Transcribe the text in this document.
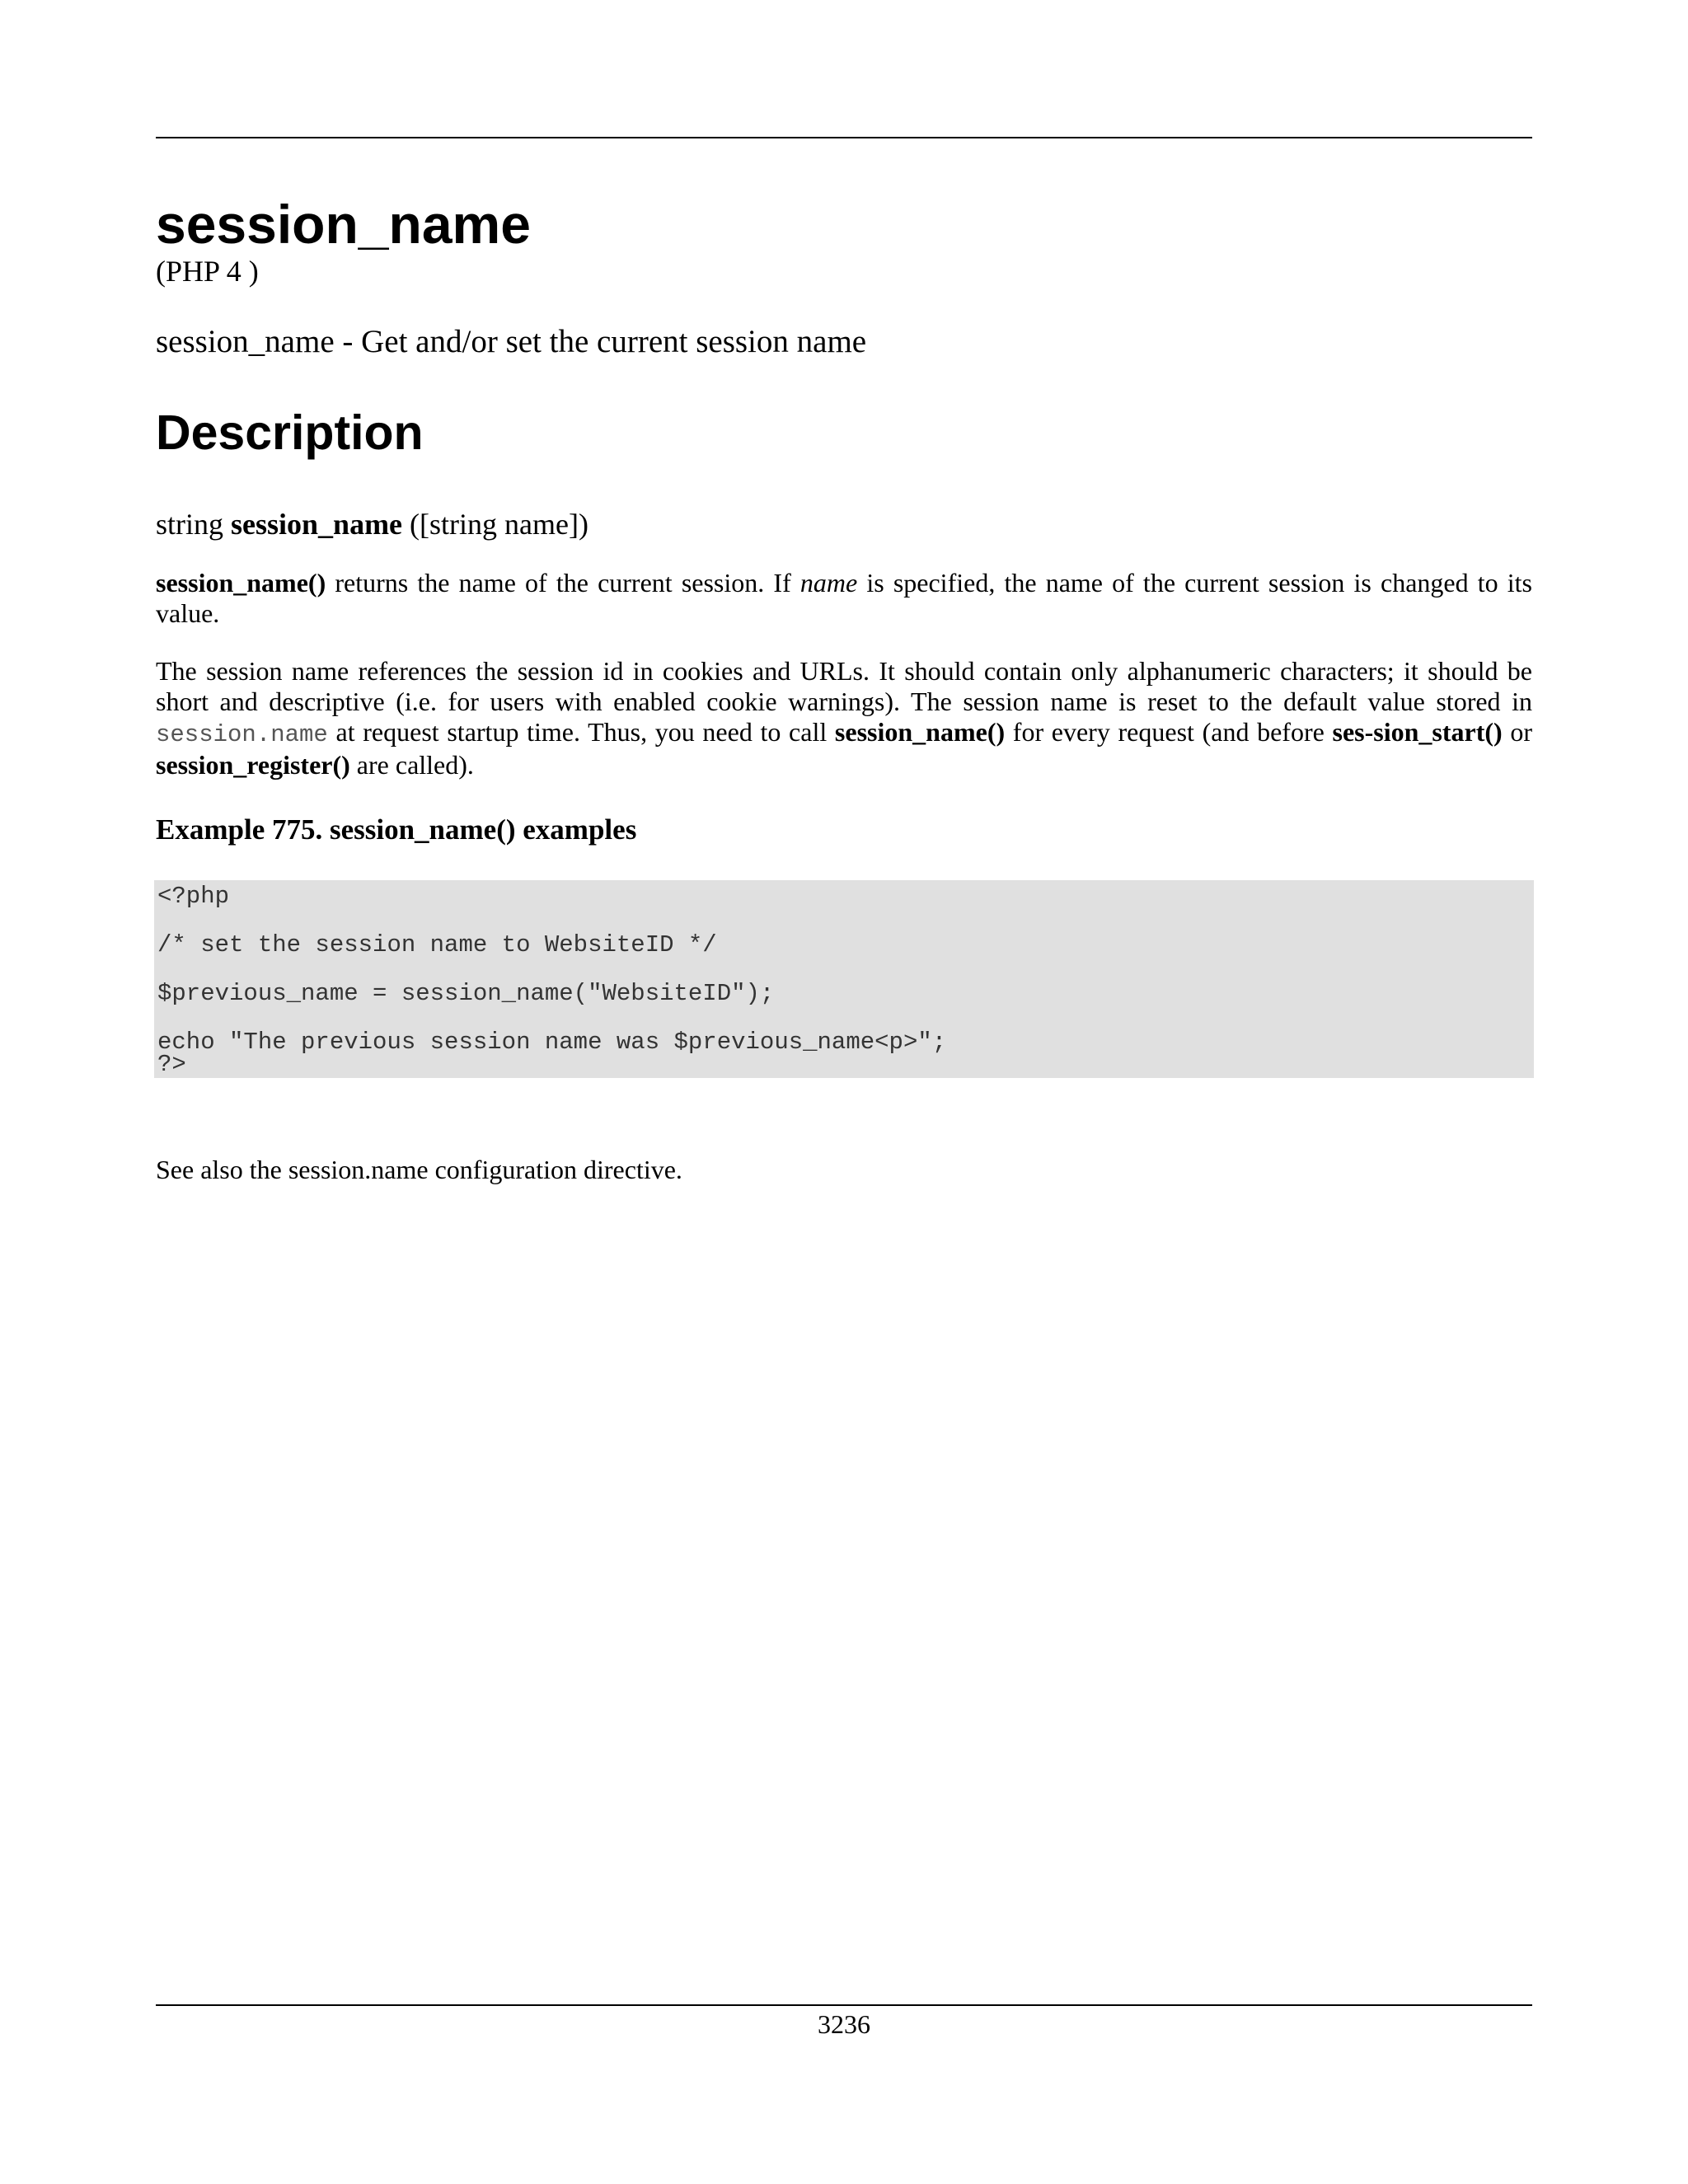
session_name
(PHP 4 )
session_name - Get and/or set the current session name
Description
string session_name ([string name])
session_name() returns the name of the current session. If name is specified, the name of the current session is changed to its value.
The session name references the session id in cookies and URLs. It should contain only alphanumeric characters; it should be short and descriptive (i.e. for users with enabled cookie warnings). The session name is reset to the default value stored in session.name at request startup time. Thus, you need to call session_name() for every request (and before ses-sion_start() or session_register() are called).
Example 775. session_name() examples
<?php
/* set the session name to WebsiteID */
$previous_name = session_name("WebsiteID");
echo "The previous session name was $previous_name<p>";
?>
See also the session.name configuration directive.
3236
